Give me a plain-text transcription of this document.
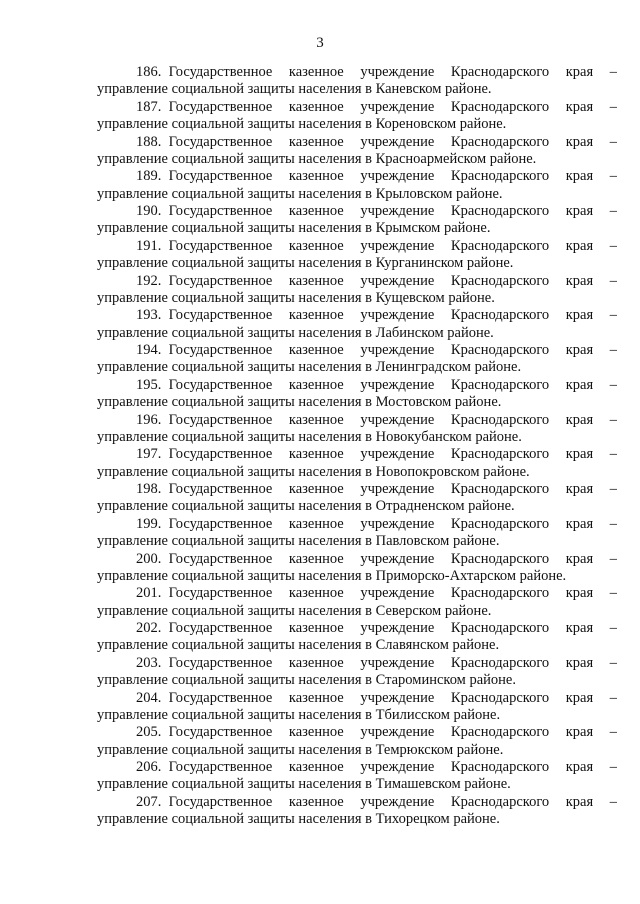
3
186. Государственное казенное учреждение Краснодарского края –
управление социальной защиты населения в Каневском районе.
187. Государственное казенное учреждение Краснодарского края –
управление социальной защиты населения в Кореновском районе.
188. Государственное казенное учреждение Краснодарского края –
управление социальной защиты населения в Красноармейском районе.
189. Государственное казенное учреждение Краснодарского края –
управление социальной защиты населения в Крыловском районе.
190. Государственное казенное учреждение Краснодарского края –
управление социальной защиты населения в Крымском районе.
191. Государственное казенное учреждение Краснодарского края –
управление социальной защиты населения в Курганинском районе.
192. Государственное казенное учреждение Краснодарского края –
управление социальной защиты населения в Кущевском районе.
193. Государственное казенное учреждение Краснодарского края –
управление социальной защиты населения в Лабинском районе.
194. Государственное казенное учреждение Краснодарского края –
управление социальной защиты населения в Ленинградском районе.
195. Государственное казенное учреждение Краснодарского края –
управление социальной защиты населения в Мостовском районе.
196. Государственное казенное учреждение Краснодарского края –
управление социальной защиты населения в Новокубанском районе.
197. Государственное казенное учреждение Краснодарского края –
управление социальной защиты населения в Новопокровском районе.
198. Государственное казенное учреждение Краснодарского края –
управление социальной защиты населения в Отрадненском районе.
199. Государственное казенное учреждение Краснодарского края –
управление социальной защиты населения в Павловском районе.
200. Государственное казенное учреждение Краснодарского края –
управление социальной защиты населения в Приморско-Ахтарском районе.
201. Государственное казенное учреждение Краснодарского края –
управление социальной защиты населения в Северском районе.
202. Государственное казенное учреждение Краснодарского края –
управление социальной защиты населения в Славянском районе.
203. Государственное казенное учреждение Краснодарского края –
управление социальной защиты населения в Староминском районе.
204. Государственное казенное учреждение Краснодарского края –
управление социальной защиты населения в Тбилисском районе.
205. Государственное казенное учреждение Краснодарского края –
управление социальной защиты населения в Темрюкском районе.
206. Государственное казенное учреждение Краснодарского края –
управление социальной защиты населения в Тимашевском районе.
207. Государственное казенное учреждение Краснодарского края –
управление социальной защиты населения в Тихорецком районе.
